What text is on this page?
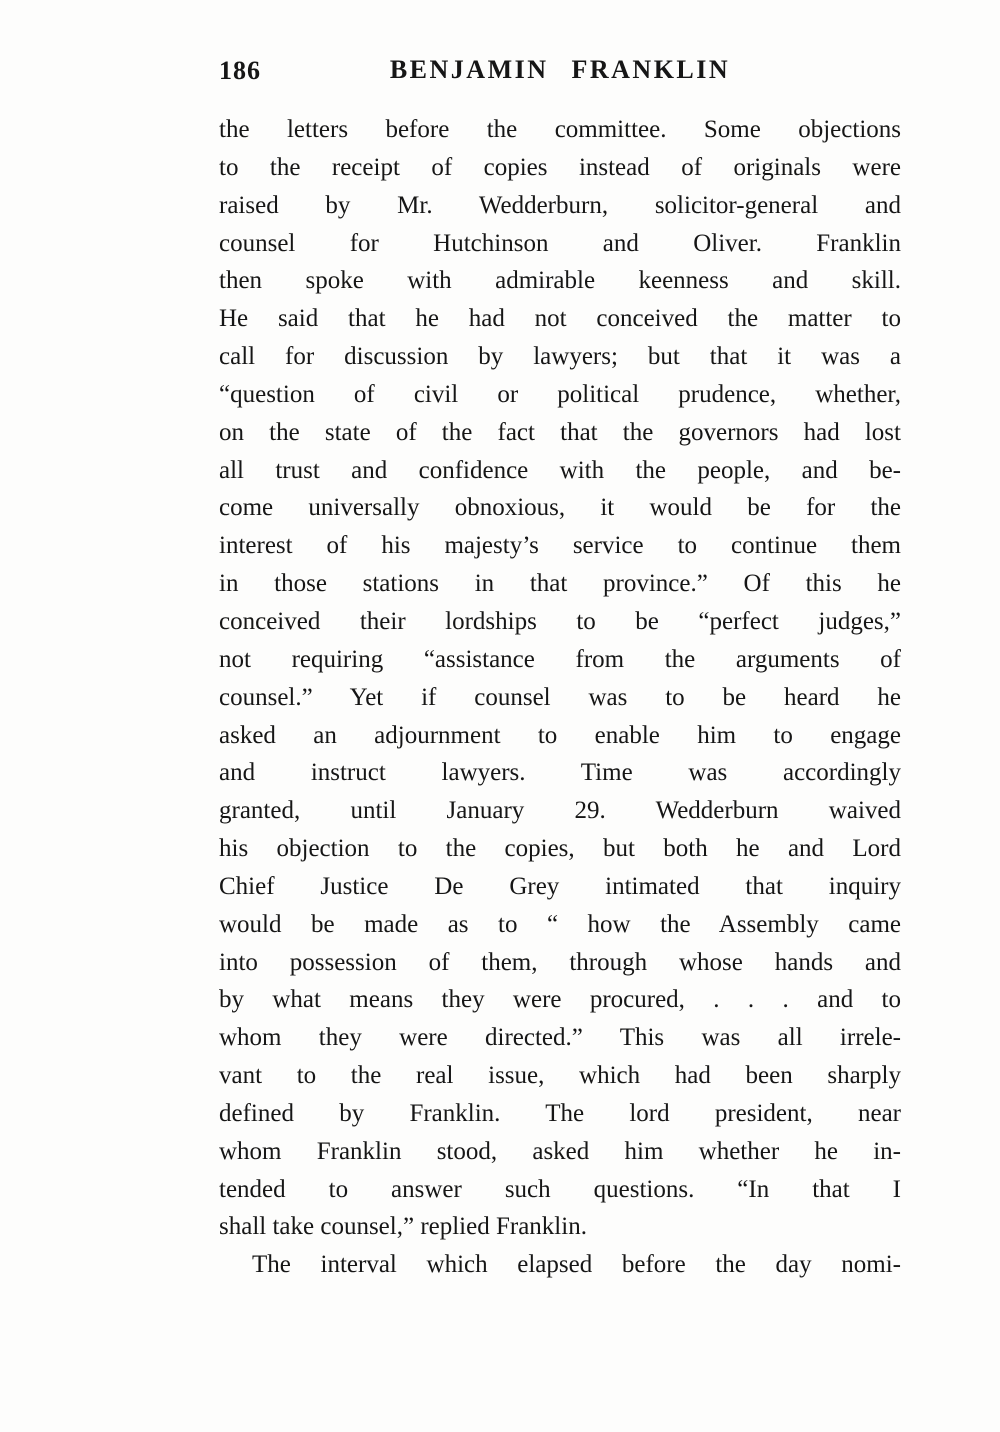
186	BENJAMIN FRANKLIN
the letters before the committee. Some objections
to the receipt of copies instead of originals were
raised by Mr. Wedderburn, solicitor-general and
counsel for Hutchinson and Oliver. Franklin
then spoke with admirable keenness and skill.
He said that he had not conceived the matter to
call for discussion by lawyers; but that it was a
“question of civil or political prudence, whether,
on the state of the fact that the governors had lost
all trust and confidence with the people, and be-
come universally obnoxious, it would be for the
interest of his majesty’s service to continue them
in those stations in that province.” Of this he
conceived their lordships to be “perfect judges,”
not requiring “assistance from the arguments of
counsel.” Yet if counsel was to be heard he
asked an adjournment to enable him to engage
and instruct lawyers. Time was accordingly
granted, until January 29. Wedderburn waived
his objection to the copies, but both he and Lord
Chief Justice De Grey intimated that inquiry
would be made as to “ how the Assembly came
into possession of them, through whose hands and
by what means they were procured, . . . and to
whom they were directed.” This was all irrele-
vant to the real issue, which had been sharply
defined by Franklin. The lord president, near
whom Franklin stood, asked him whether he in-
tended to answer such questions. “In that I
shall take counsel,” replied Franklin.
The interval which elapsed before the day nomi-
